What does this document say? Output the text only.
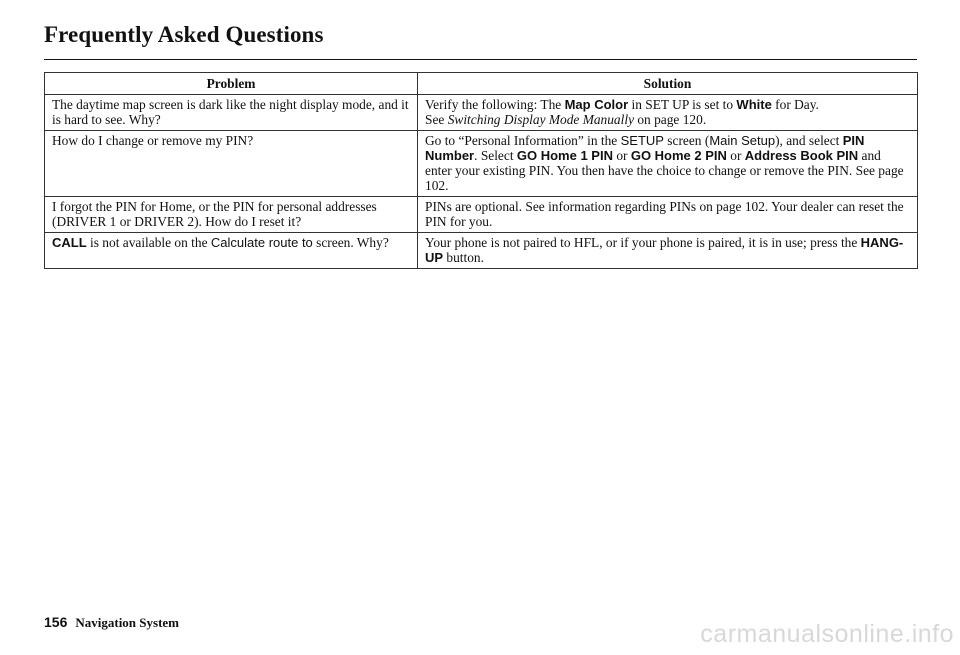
Frequently Asked Questions
Problem	Solution
The daytime map screen is dark like the night display mode, and it is hard to see. Why?	Verify the following: The Map Color in SET UP is set to White for Day.
See Switching Display Mode Manually on page 120.
How do I change or remove my PIN?	Go to “Personal Information” in the SETUP screen (Main Setup), and select PIN Number. Select GO Home 1 PIN or GO Home 2 PIN or Address Book PIN and enter your existing PIN. You then have the choice to change or remove the PIN. See page 102.
I forgot the PIN for Home, or the PIN for personal addresses (DRIVER 1 or DRIVER 2). How do I reset it?	PINs are optional. See information regarding PINs on page 102. Your dealer can reset the PIN for you.
CALL is not available on the Calculate route to screen. Why?	Your phone is not paired to HFL, or if your phone is paired, it is in use; press the HANG-UP button.
156 Navigation System	carmanualsonline.info
